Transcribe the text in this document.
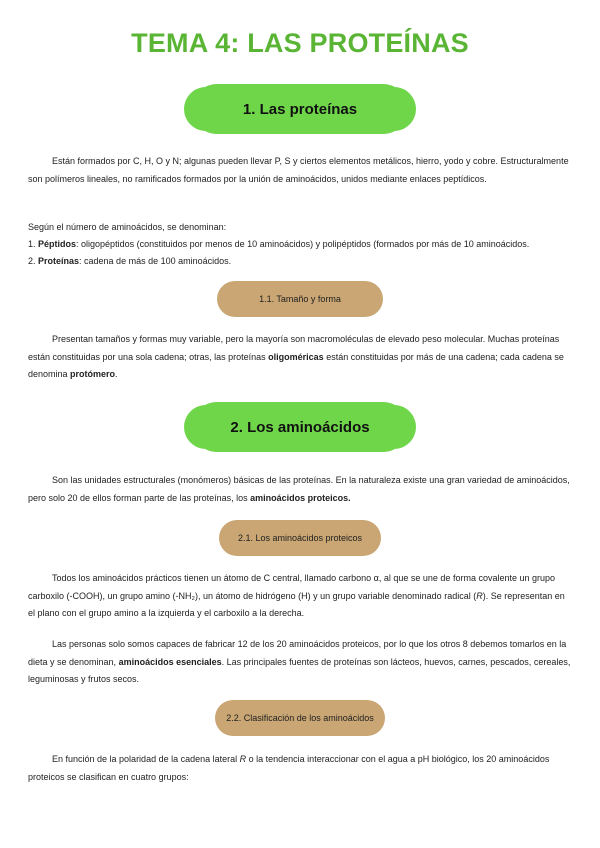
TEMA 4: LAS PROTEÍNAS
1. Las proteínas

Están formados por C, H, O y N; algunas pueden llevar P, S y ciertos elementos metálicos, hierro, yodo y cobre. Estructuralmente son polímeros lineales, no ramificados formados por la unión de aminoácidos, unidos mediante enlaces peptídicos.

Según el número de aminoácidos, se denominan:

1. Péptidos: oligopéptidos (constituidos por menos de 10 aminoácidos) y polipéptidos (formados por más de 10 aminoácidos.

2. Proteínas: cadena de más de 100 aminoácidos.

1.1. Tamaño y forma

Presentan tamaños y formas muy variable, pero la mayoría son macromoléculas de elevado peso molecular. Muchas proteínas están constituidas por una sola cadena; otras, las proteínas oligoméricas están constituidas por más de una cadena; cada cadena se denomina protómero.

2. Los aminoácidos

Son las unidades estructurales (monómeros) básicas de las proteínas. En la naturaleza existe una gran variedad de aminoácidos, pero solo 20 de ellos forman parte de las proteínas, los aminoácidos proteicos.

2.1. Los aminoácidos proteicos

Todos los aminoácidos prácticos tienen un átomo de C central, llamado carbono α, al que se une de forma covalente un grupo carboxilo (-COOH), un grupo amino (-NH₂), un átomo de hidrógeno (H) y un grupo variable denominado radical (R). Se representan en el plano con el grupo amino a la izquierda y el carboxilo a la derecha.

Las personas solo somos capaces de fabricar 12 de los 20 aminoácidos proteicos, por lo que los otros 8 debemos tomarlos en la dieta y se denominan, aminoácidos esenciales. Las principales fuentes de proteínas son lácteos, huevos, carnes, pescados, cereales, leguminosas y frutos secos.

2.2. Clasificación de los aminoácidos

En función de la polaridad de la cadena lateral R o la tendencia interaccionar con el agua a pH biológico, los 20 aminoácidos proteicos se clasifican en cuatro grupos:
